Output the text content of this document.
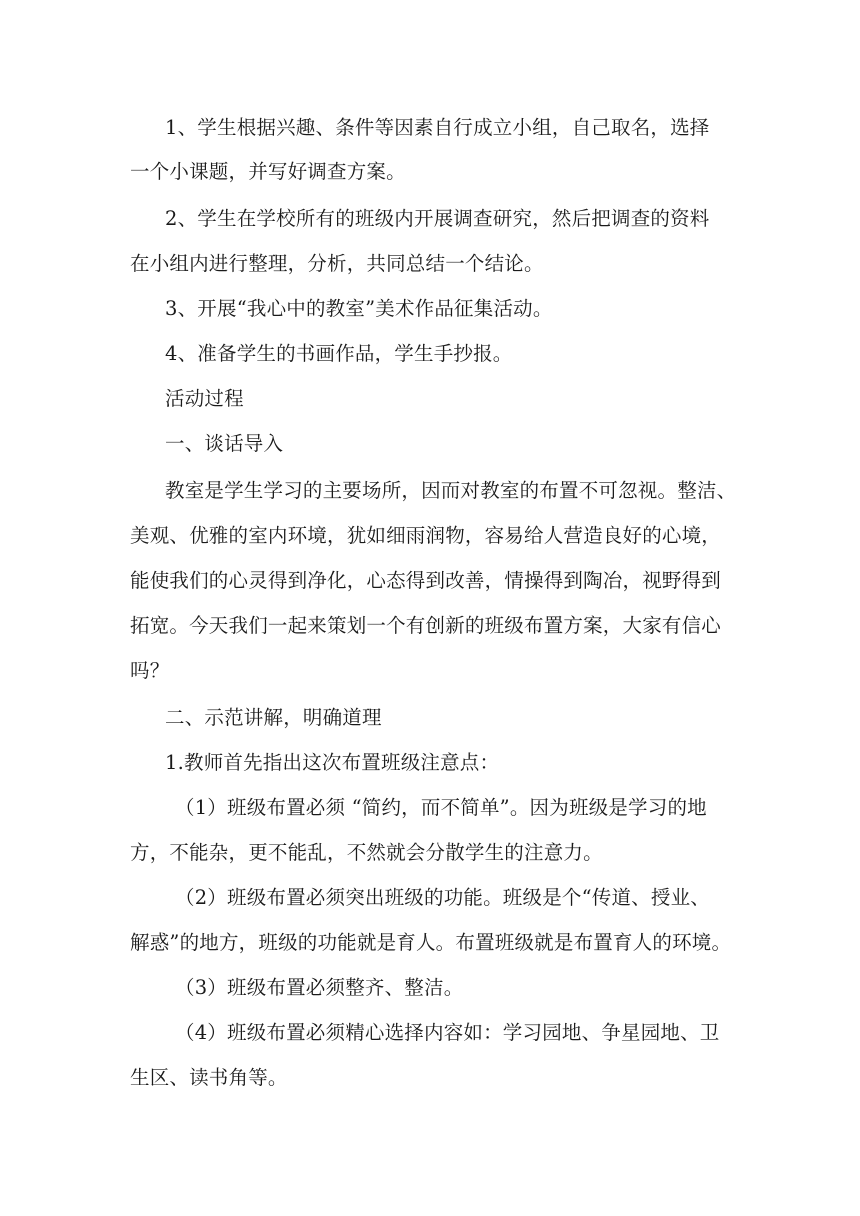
1、学生根据兴趣、条件等因素自行成立小组，自己取名，选择
一个小课题，并写好调查方案。
2、学生在学校所有的班级内开展调查研究，然后把调查的资料
在小组内进行整理，分析，共同总结一个结论。
3、开展“我心中的教室”美术作品征集活动。
4、准备学生的书画作品，学生手抄报。
活动过程
一、谈话导入
教室是学生学习的主要场所，因而对教室的布置不可忽视。整洁、
美观、优雅的室内环境，犹如细雨润物，容易给人营造良好的心境，
能使我们的心灵得到净化，心态得到改善，情操得到陶冶，视野得到
拓宽。今天我们一起来策划一个有创新的班级布置方案，大家有信心
吗？
二、示范讲解，明确道理
1.教师首先指出这次布置班级注意点：
（1）班级布置必须 “简约，而不简单”。因为班级是学习的地
方，不能杂，更不能乱，不然就会分散学生的注意力。
（2）班级布置必须突出班级的功能。班级是个“传道、授业、
解惑”的地方，班级的功能就是育人。布置班级就是布置育人的环境。
（3）班级布置必须整齐、整洁。
（4）班级布置必须精心选择内容如：学习园地、争星园地、卫
生区、读书角等。
